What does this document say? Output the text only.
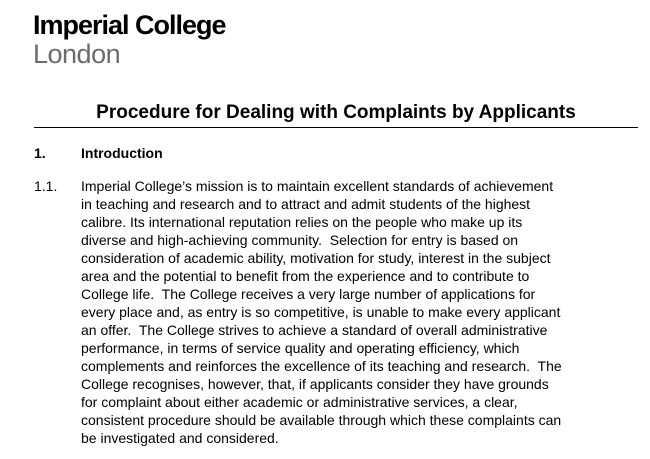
Imperial College
London
Procedure for Dealing with Complaints by Applicants
1.	Introduction
1.1. Imperial College’s mission is to maintain excellent standards of achievement
in teaching and research and to attract and admit students of the highest
calibre. Its international reputation relies on the people who make up its
diverse and high-achieving community.  Selection for entry is based on
consideration of academic ability, motivation for study, interest in the subject
area and the potential to benefit from the experience and to contribute to
College life.  The College receives a very large number of applications for
every place and, as entry is so competitive, is unable to make every applicant
an offer.  The College strives to achieve a standard of overall administrative
performance, in terms of service quality and operating efficiency, which
complements and reinforces the excellence of its teaching and research.  The
College recognises, however, that, if applicants consider they have grounds
for complaint about either academic or administrative services, a clear,
consistent procedure should be available through which these complaints can
be investigated and considered.
